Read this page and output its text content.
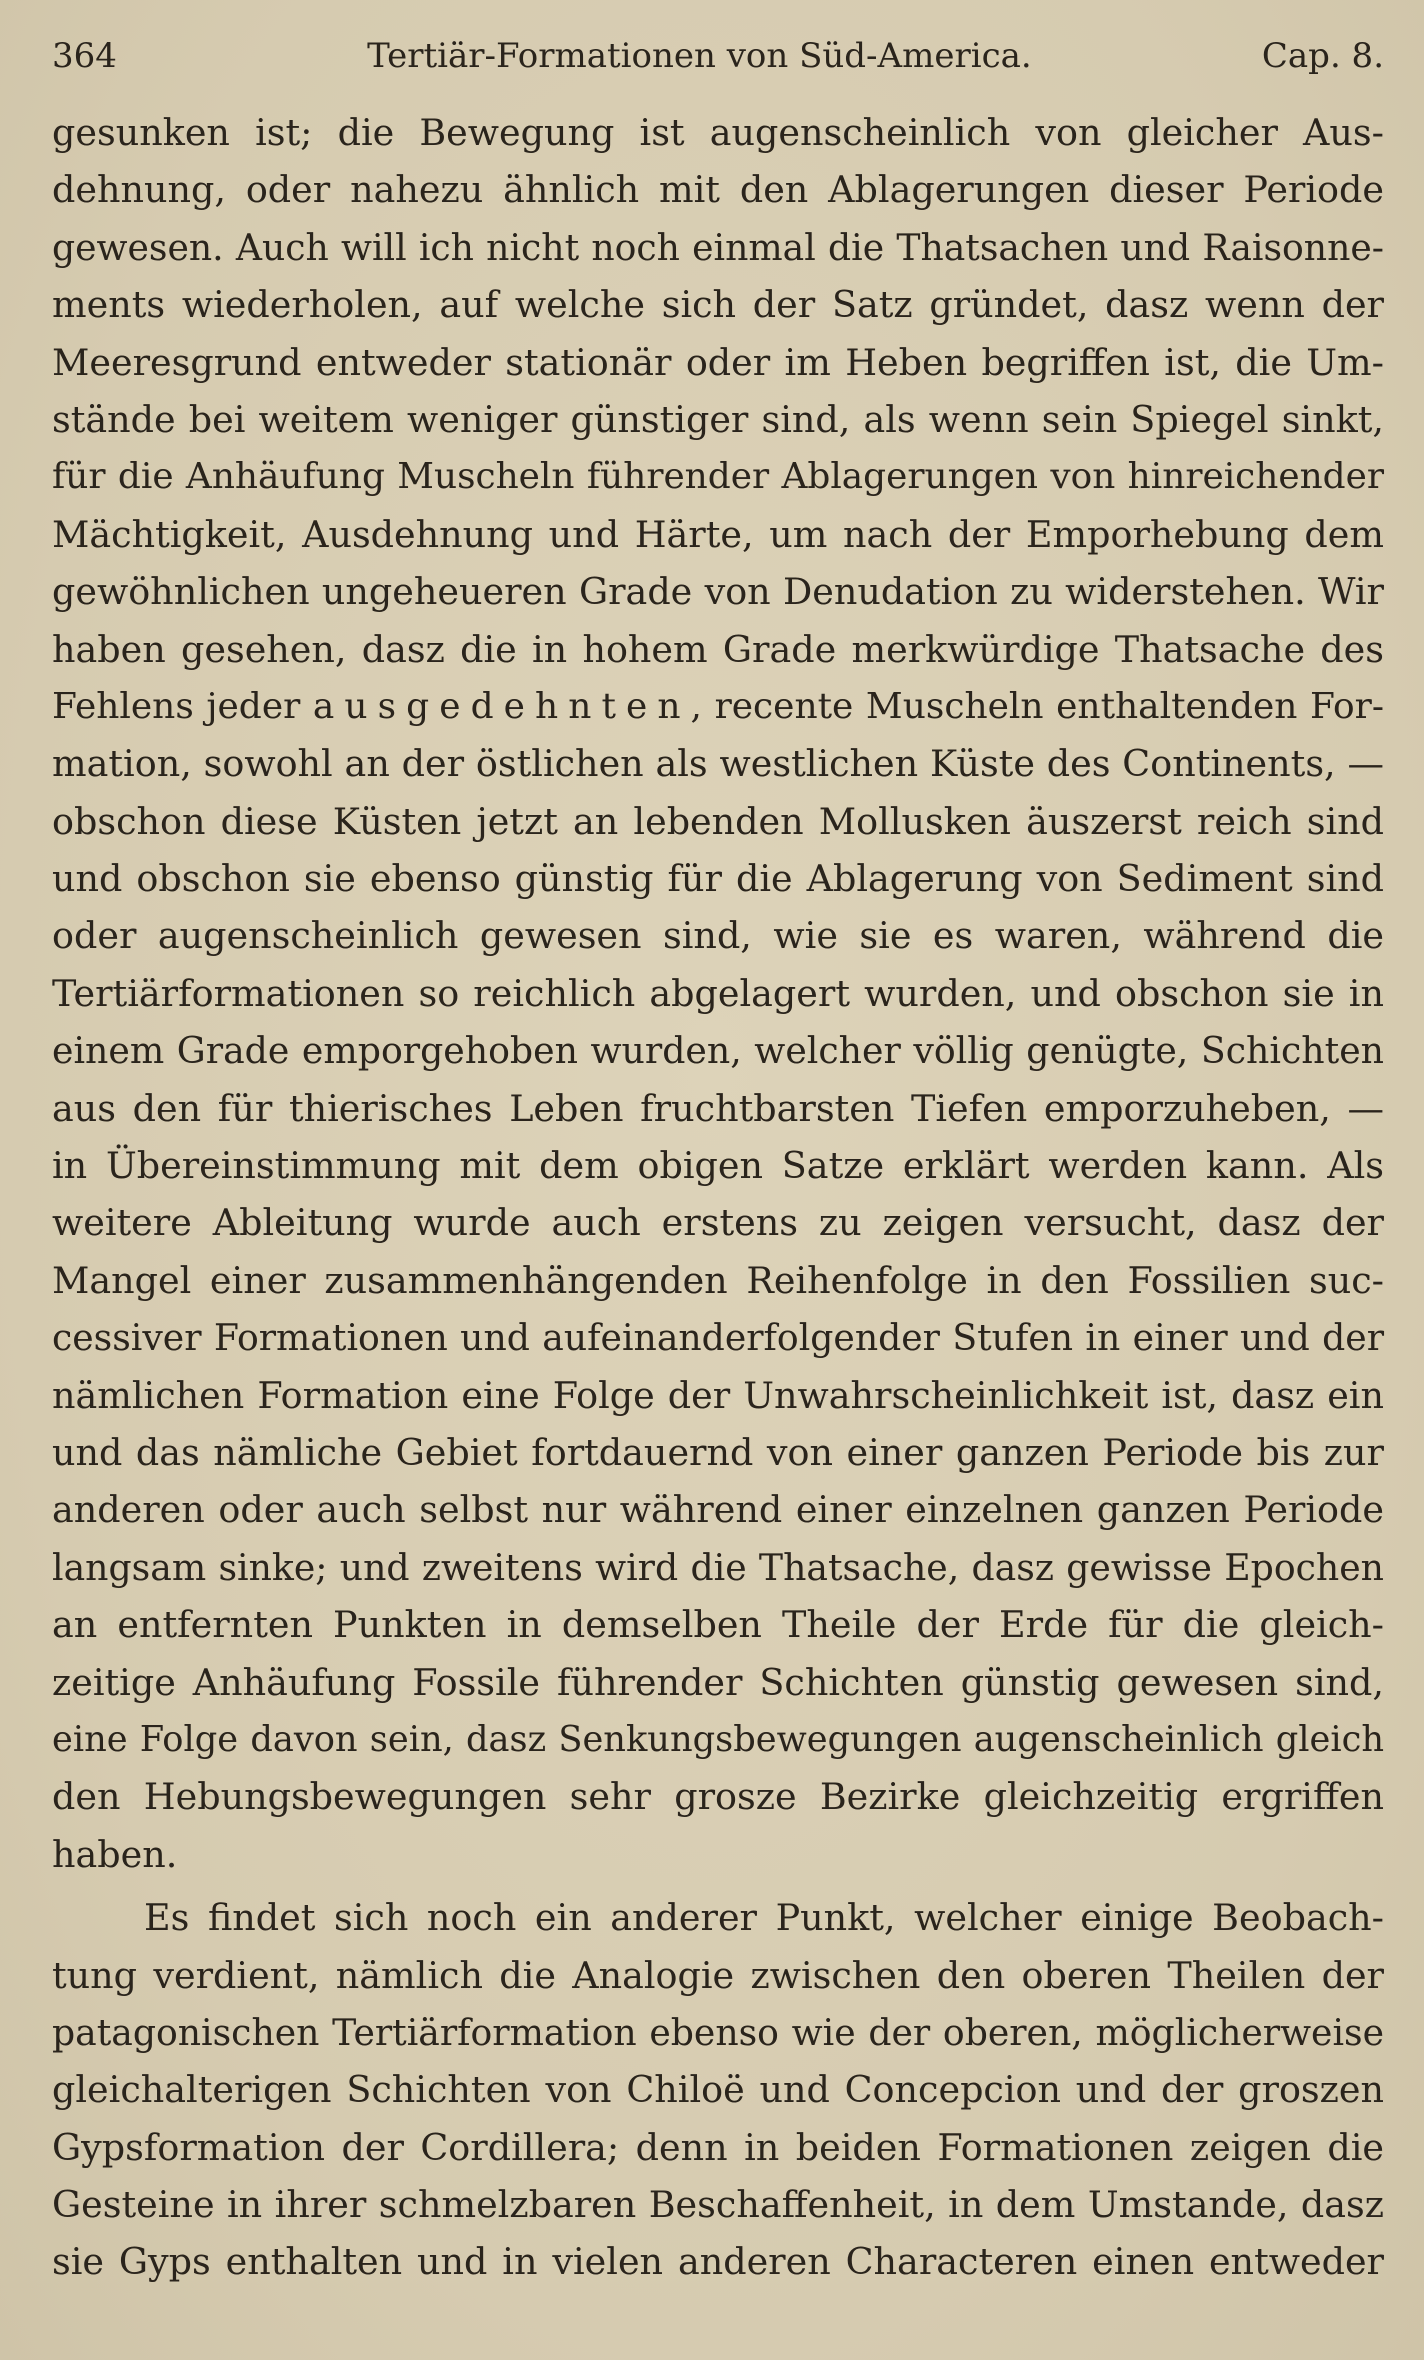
364	Tertiär-Formationen von Süd-America.	Cap. 8.
gesunken ist; die Bewegung ist augenscheinlich von gleicher Aus-
dehnung, oder nahezu ähnlich mit den Ablagerungen dieser Periode
gewesen. Auch will ich nicht noch einmal die Thatsachen und Raisonne-
ments wiederholen, auf welche sich der Satz gründet, dasz wenn der
Meeresgrund entweder stationär oder im Heben begriffen ist, die Um-
stände bei weitem weniger günstiger sind, als wenn sein Spiegel sinkt,
für die Anhäufung Muscheln führender Ablagerungen von hinreichender
Mächtigkeit, Ausdehnung und Härte, um nach der Emporhebung dem
gewöhnlichen ungeheueren Grade von Denudation zu widerstehen. Wir
haben gesehen, dasz die in hohem Grade merkwürdige Thatsache des
Fehlens jeder ausgedehnten, recente Muscheln enthaltenden For-
mation, sowohl an der östlichen als westlichen Küste des Continents, —
obschon diese Küsten jetzt an lebenden Mollusken äuszerst reich sind
und obschon sie ebenso günstig für die Ablagerung von Sediment sind
oder augenscheinlich gewesen sind, wie sie es waren, während die
Tertiärformationen so reichlich abgelagert wurden, und obschon sie in
einem Grade emporgehoben wurden, welcher völlig genügte, Schichten
aus den für thierisches Leben fruchtbarsten Tiefen emporzuheben, —
in Übereinstimmung mit dem obigen Satze erklärt werden kann. Als
weitere Ableitung wurde auch erstens zu zeigen versucht, dasz der
Mangel einer zusammenhängenden Reihenfolge in den Fossilien suc-
cessiver Formationen und aufeinanderfolgender Stufen in einer und der
nämlichen Formation eine Folge der Unwahrscheinlichkeit ist, dasz ein
und das nämliche Gebiet fortdauernd von einer ganzen Periode bis zur
anderen oder auch selbst nur während einer einzelnen ganzen Periode
langsam sinke; und zweitens wird die Thatsache, dasz gewisse Epochen
an entfernten Punkten in demselben Theile der Erde für die gleich-
zeitige Anhäufung Fossile führender Schichten günstig gewesen sind,
eine Folge davon sein, dasz Senkungsbewegungen augenscheinlich gleich
den Hebungsbewegungen sehr grosze Bezirke gleichzeitig ergriffen
haben.
Es findet sich noch ein anderer Punkt, welcher einige Beobach-
tung verdient, nämlich die Analogie zwischen den oberen Theilen der
patagonischen Tertiärformation ebenso wie der oberen, möglicherweise
gleichalterigen Schichten von Chiloë und Concepcion und der groszen
Gypsformation der Cordillera; denn in beiden Formationen zeigen die
Gesteine in ihrer schmelzbaren Beschaffenheit, in dem Umstande, dasz
sie Gyps enthalten und in vielen anderen Characteren einen entweder
